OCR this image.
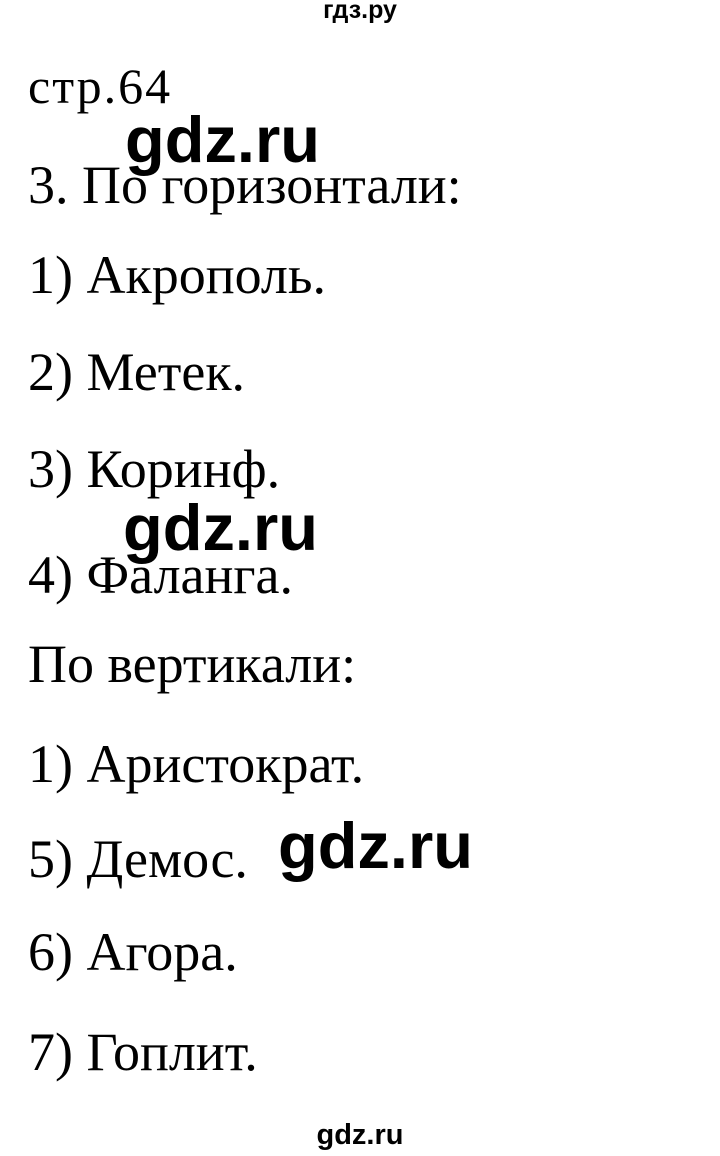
гдз.ру
gdz.ru
gdz.ru
gdz.ru
стр.64
3. По горизонтали:
1) Акрополь.
2) Метек.
3) Коринф.
4) Фаланга.
По вертикали:
1) Аристократ.
5) Демос.
6) Агора.
7) Гоплит.
gdz.ru
